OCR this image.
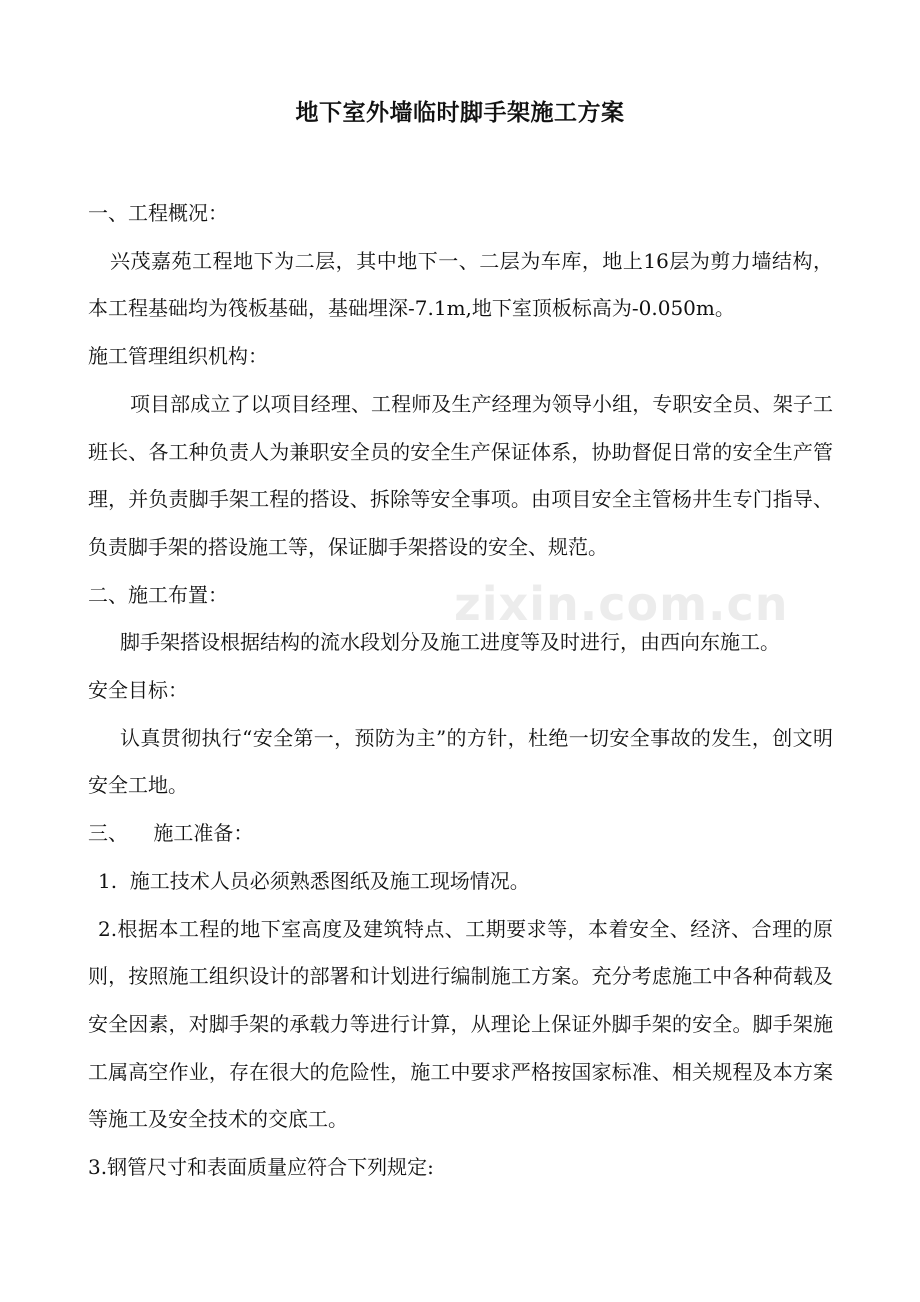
地下室外墙临时脚手架施工方案
zixin.com.cn

一、工程概况：

兴茂嘉苑工程地下为二层，其中地下一、二层为车库，地上16层为剪力墙结构，本工程基础均为筏板基础，基础埋深-7.1m,地下室顶板标高为-0.050m。

施工管理组织机构：

项目部成立了以项目经理、工程师及生产经理为领导小组，专职安全员、架子工班长、各工种负责人为兼职安全员的安全生产保证体系，协助督促日常的安全生产管理，并负责脚手架工程的搭设、拆除等安全事项。由项目安全主管杨井生专门指导、负责脚手架的搭设施工等，保证脚手架搭设的安全、规范。

二、施工布置：

脚手架搭设根据结构的流水段划分及施工进度等及时进行，由西向东施工。

安全目标：

认真贯彻执行“安全第一，预防为主”的方针，杜绝一切安全事故的发生，创文明安全工地。

三、    施工准备：

1.  施工技术人员必须熟悉图纸及施工现场情况。

2.根据本工程的地下室高度及建筑特点、工期要求等，本着安全、经济、合理的原则，按照施工组织设计的部署和计划进行编制施工方案。充分考虑施工中各种荷载及安全因素，对脚手架的承载力等进行计算，从理论上保证外脚手架的安全。脚手架施工属高空作业，存在很大的危险性，施工中要求严格按国家标准、相关规程及本方案等施工及安全技术的交底工。

3.钢管尺寸和表面质量应符合下列规定:
